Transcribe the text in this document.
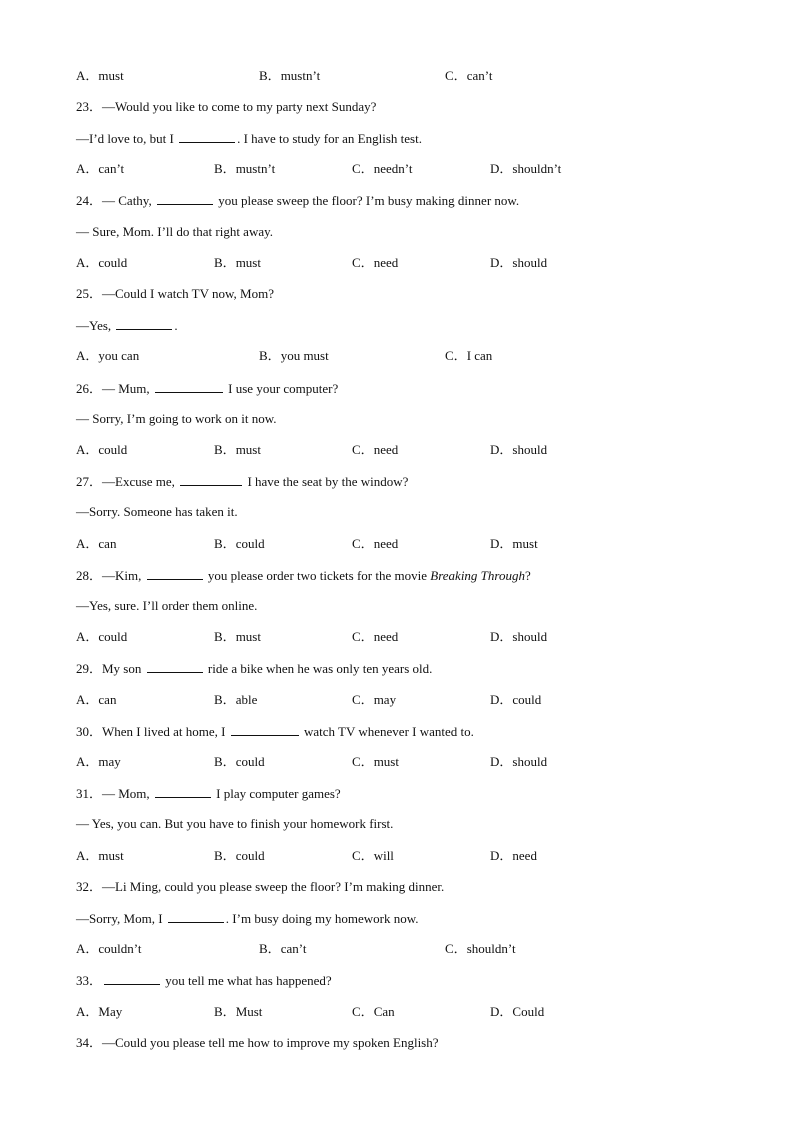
A．must	B．mustn’t	C．can’t
23．—Would you like to come to my party next Sunday?
—I’d love to, but I	. I have to study for an English test.
A．can’t	B．mustn’t	C．needn’t	D．shouldn’t
24．— Cathy,	you please sweep the floor? I’m busy making dinner now.
— Sure, Mom. I’ll do that right away.
A．could	B．must	C．need	D．should
25．—Could I watch TV now, Mom?
—Yes,	.
A．you can	B．you must	C．I can
26．— Mum,	I use your computer?
— Sorry, I’m going to work on it now.
A．could	B．must	C．need	D．should
27．—Excuse me,	I have the seat by the window?
—Sorry. Someone has taken it.
A．can	B．could	C．need	D．must
28．—Kim,	you please order two tickets for the movie Breaking Through?
—Yes, sure. I’ll order them online.
A．could	B．must	C．need	D．should
29．My son	ride a bike when he was only ten years old.
A．can	B．able	C．may	D．could
30．When I lived at home, I	watch TV whenever I wanted to.
A．may	B．could	C．must	D．should
31．— Mom,	I play computer games?
— Yes, you can. But you have to finish your homework first.
A．must	B．could	C．will	D．need
32．—Li Ming, could you please sweep the floor? I’m making dinner.
—Sorry, Mom, I	. I’m busy doing my homework now.
A．couldn’t	B．can’t	C．shouldn’t
33．	you tell me what has happened?
A．May	B．Must	C．Can	D．Could
34．—Could you please tell me how to improve my spoken English?
